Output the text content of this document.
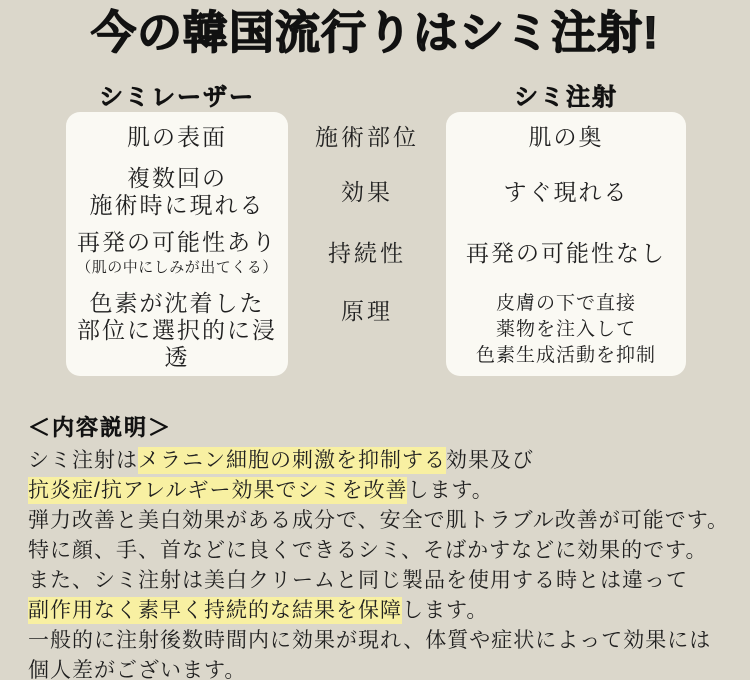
今の韓国流行りはシミ注射!
シミレーザー	シミ注射
肌の表面
複数回の
施術時に現れる
再発の可能性あり
（肌の中にしみが出てくる）
色素が沈着した
部位に選択的に浸透
施術部位
効果
持続性
原理
肌の奥
すぐ現れる
再発の可能性なし
皮膚の下で直接
薬物を注入して
色素生成活動を抑制
＜内容説明＞
シミ注射はメラニン細胞の刺激を抑制する効果及び
抗炎症/抗アレルギー効果でシミを改善します。
弾力改善と美白効果がある成分で、安全で肌トラブル改善が可能です。
特に顔、手、首などに良くできるシミ、そばかすなどに効果的です。
また、シミ注射は美白クリームと同じ製品を使用する時とは違って
副作用なく素早く持続的な結果を保障します。
一般的に注射後数時間内に効果が現れ、体質や症状によって効果には
個人差がございます。
